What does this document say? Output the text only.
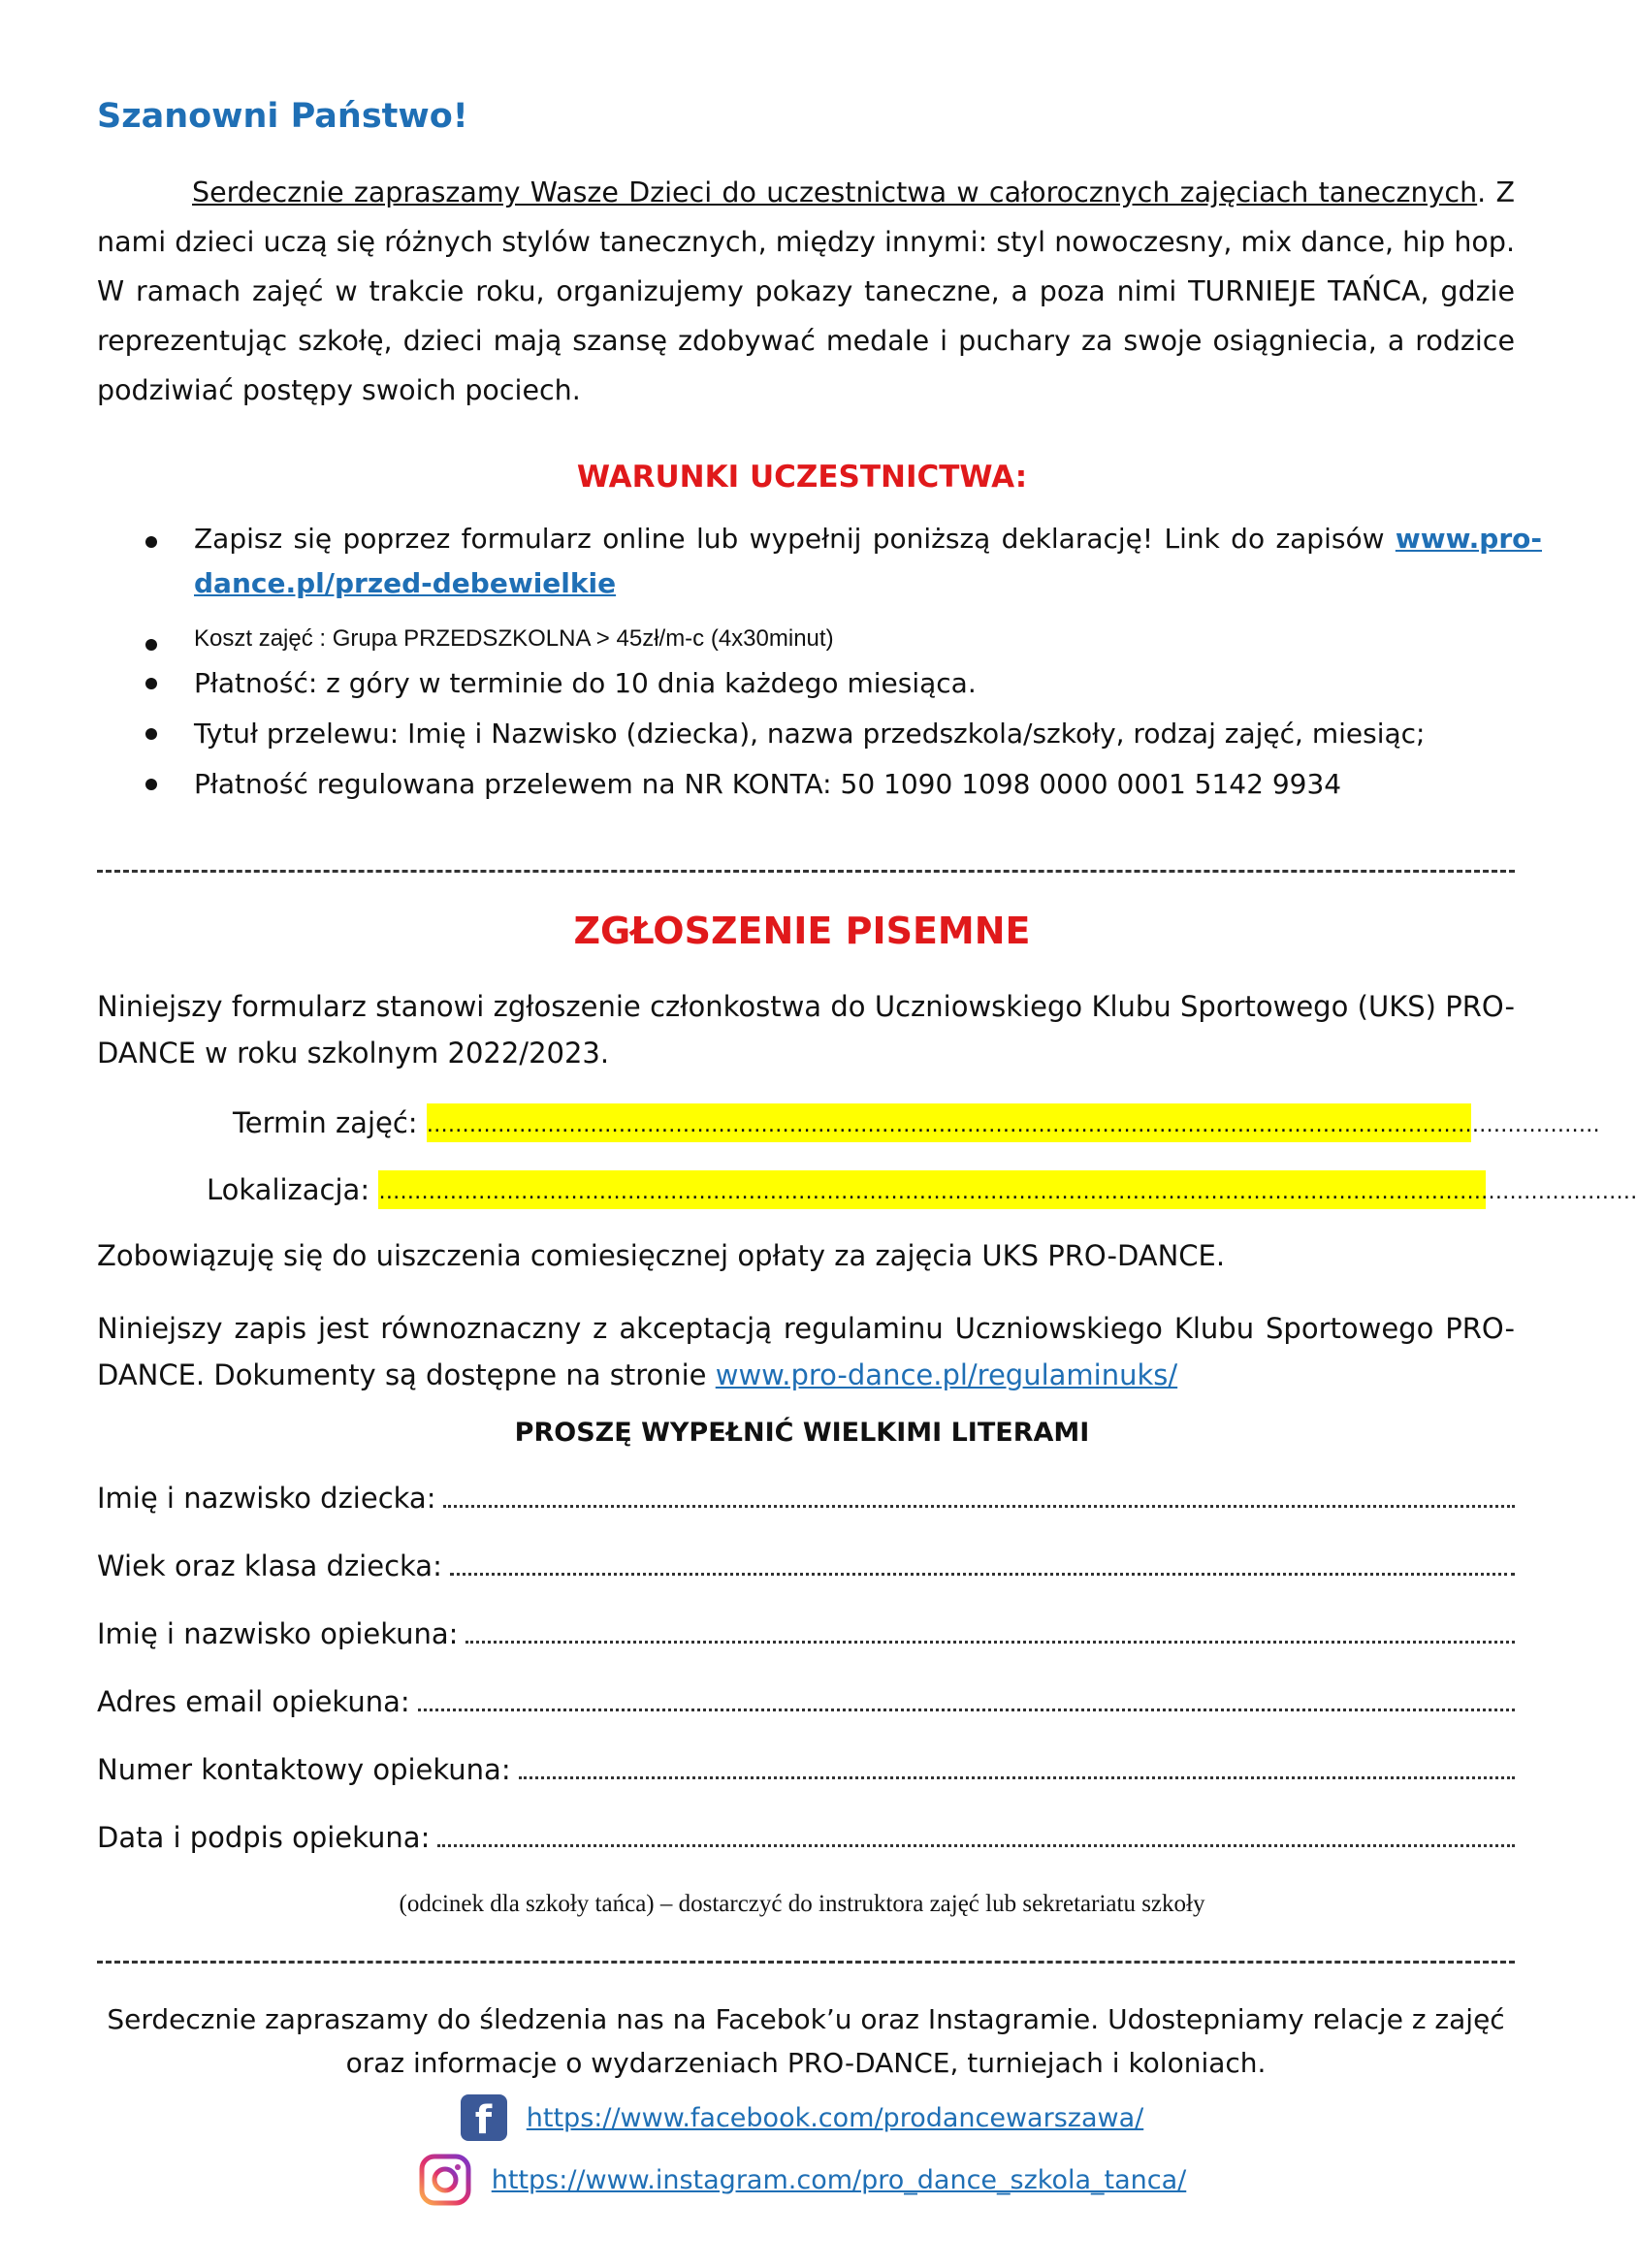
Szanowni Państwo!

Serdecznie zapraszamy Wasze Dzieci do uczestnictwa w całorocznych zajęciach tanecznych. Z nami dzieci uczą się różnych stylów tanecznych, między innymi: styl nowoczesny, mix dance, hip hop. W ramach zajęć w trakcie roku, organizujemy pokazy taneczne, a poza nimi TURNIEJE TAŃCA, gdzie reprezentując szkołę, dzieci mają szansę zdobywać medale i puchary za swoje osiągniecia, a rodzice podziwiać postępy swoich pociech.

WARUNKI UCZESTNICTWA:
Zapisz się poprzez formularz online lub wypełnij poniższą deklarację! Link do zapisów www.pro-dance.pl/przed-debewielkie
Koszt zajęć : Grupa PRZEDSZKOLNA > 45zł/m-c (4x30minut)
Płatność: z góry w terminie do 10 dnia każdego miesiąca.
Tytuł przelewu: Imię i Nazwisko (dziecka), nazwa przedszkola/szkoły, rodzaj zajęć, miesiąc;
Płatność regulowana przelewem na NR KONTA: 50 1090 1098 0000 0001 5142 9934
ZGŁOSZENIE PISEMNE

Niniejszy formularz stanowi zgłoszenie członkostwa do Uczniowskiego Klubu Sportowego (UKS) PRO-DANCE w roku szkolnym 2022/2023.

Termin zajęć: …………………………………………………………………………………………………………………………………………………
Lokalizacja: ……………………………………………………………………………………………………………………………………………………………

Zobowiązuję się do uiszczenia comiesięcznej opłaty za zajęcia UKS PRO-DANCE.

Niniejszy zapis jest równoznaczny z akceptacją regulaminu Uczniowskiego Klubu Sportowego PRO-DANCE. Dokumenty są dostępne na stronie www.pro-dance.pl/regulaminuks/

PROSZĘ WYPEŁNIĆ WIELKIMI LITERAMI

Imię i nazwisko dziecka:
Wiek oraz klasa dziecka:
Imię i nazwisko opiekuna:
Adres email opiekuna:
Numer kontaktowy opiekuna:
Data i podpis opiekuna:

(odcinek dla szkoły tańca) – dostarczyć do instruktora zajęć lub sekretariatu szkoły

Serdecznie zapraszamy do śledzenia nas na Facebok’u oraz Instagramie. Udostepniamy relacje z zajęć oraz informacje o wydarzeniach PRO-DANCE, turniejach i koloniach.

f
https://www.facebook.com/prodancewarszawa/
https://www.instagram.com/pro_dance_szkola_tanca/
